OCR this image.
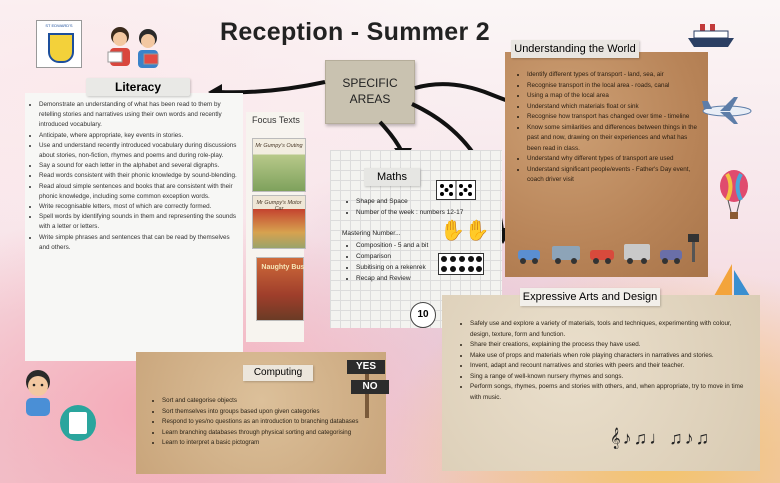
Reception - Summer 2
ST EDWARD'S
SPECIFIC
AREAS
• Demonstrate an understanding of what has been read to them by retelling stories and narratives using their own words and recently introduced vocabulary.
• Anticipate, where appropriate, key events in stories.
• Use and understand recently introduced vocabulary during discussions about stories, non-fiction, rhymes and poems and during role-play.
• Say a sound for each letter in the alphabet and several digraphs.
• Read words consistent with their phonic knowledge by sound-blending.
• Read aloud simple sentences and books that are consistent with their phonic knowledge, including some common exception words.
• Write recognisable letters, most of which are correctly formed.
• Spell words by identifying sounds in them and representing the sounds with a letter or letters.
• Write simple phrases and sentences that can be read by themselves and others.
Literacy
Focus Texts
Mr Gumpy's Outing
Mr Gumpy's Motor Car
Naughty Bus
Maths
• Shape and Space
• Number of the week : numbers 12-17
Mastering Number...
• Composition - 5 and a bit
• Comparison
• Subitising on a rekenrek
• Recap and Review
✋✋
10
• Identify different types of transport - land, sea, air
• Recognise transport in the local area - roads, canal
• Using a map of the local area
• Understand which materials float or sink
• Recognise how transport has changed over time - timeline
• Know some similarities and differences between things in the past and now, drawing on their experiences and what has been read in class.
• Understand why different types of transport are used
• Understand significant people/events - Father's Day event, coach driver visit
Understanding the World
• Safely use and explore a variety of materials, tools and techniques, experimenting with colour, design, texture, form and function.
• Share their creations, explaining the process they have used.
• Make use of props and materials when role playing characters in narratives and stories.
• Invent, adapt and recount narratives and stories with peers and their teacher.
• Sing a range of well-known nursery rhymes and songs.
• Perform songs, rhymes, poems and stories with others, and, when appropriate, try to move in time with music.
Expressive Arts and Design
𝄞♪♫♩♫♪♫
• Sort and categorise objects
• Sort themselves into groups based upon given categories
• Respond to yes/no questions as an introduction to branching databases
• Learn branching databases through physical sorting and categorising
• Learn to interpret a basic pictogram
Computing
YES
NO
